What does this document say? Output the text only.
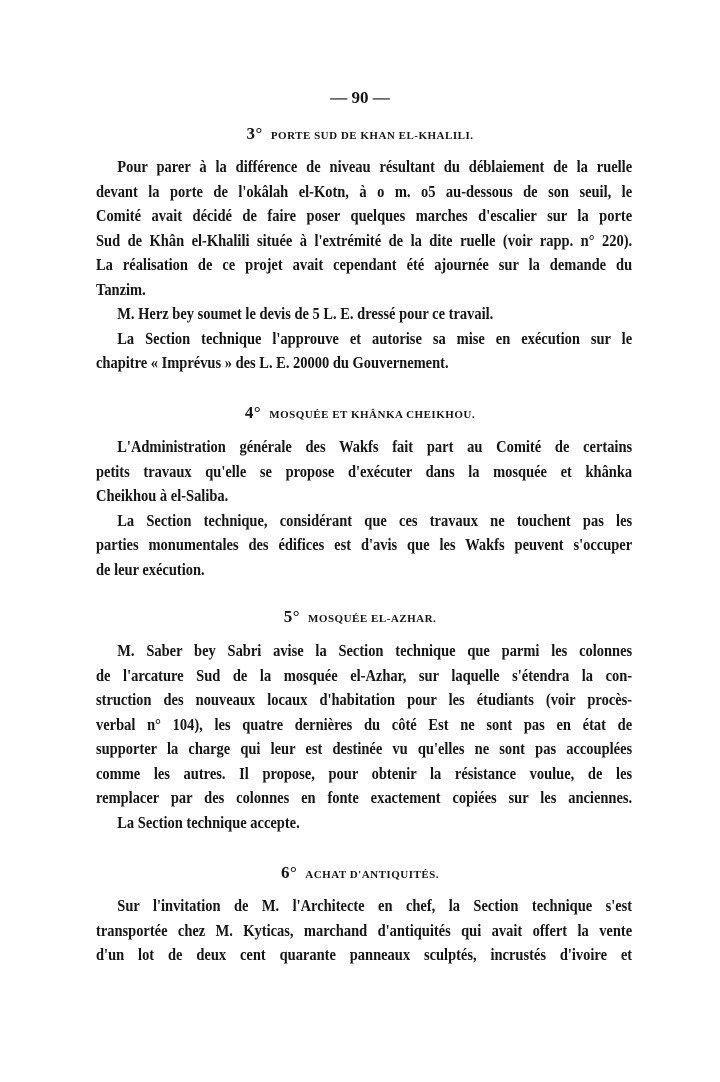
— 90 —
3° PORTE SUD DE KHAN EL-KHALILI.
Pour parer à la différence de niveau résultant du déblaiement de la ruelle
devant la porte de l'okâlah el-Kotn, à o m. o5 au-dessous de son seuil, le
Comité avait décidé de faire poser quelques marches d'escalier sur la porte
Sud de Khân el-Khalili située à l'extrémité de la dite ruelle (voir rapp. n° 220).
La réalisation de ce projet avait cependant été ajournée sur la demande du
Tanzim.
M. Herz bey soumet le devis de 5 L. E. dressé pour ce travail.
La Section technique l'approuve et autorise sa mise en exécution sur le
chapitre « Imprévus » des L. E. 20000 du Gouvernement.
4° MOSQUÉE ET KHÂNKA CHEIKHOU.
L'Administration générale des Wakfs fait part au Comité de certains
petits travaux qu'elle se propose d'exécuter dans la mosquée et khânka
Cheikhou à el-Saliba.
La Section technique, considérant que ces travaux ne touchent pas les
parties monumentales des édifices est d'avis que les Wakfs peuvent s'occuper
de leur exécution.
5° MOSQUÉE EL-AZHAR.
M. Saber bey Sabri avise la Section technique que parmi les colonnes
de l'arcature Sud de la mosquée el-Azhar, sur laquelle s'étendra la con-
struction des nouveaux locaux d'habitation pour les étudiants (voir procès-
verbal n° 104), les quatre dernières du côté Est ne sont pas en état de
supporter la charge qui leur est destinée vu qu'elles ne sont pas accouplées
comme les autres. Il propose, pour obtenir la résistance voulue, de les
remplacer par des colonnes en fonte exactement copiées sur les anciennes.
La Section technique accepte.
6° ACHAT D'ANTIQUITÉS.
Sur l'invitation de M. l'Architecte en chef, la Section technique s'est
transportée chez M. Kyticas, marchand d'antiquités qui avait offert la vente
d'un lot de deux cent quarante panneaux sculptés, incrustés d'ivoire et
